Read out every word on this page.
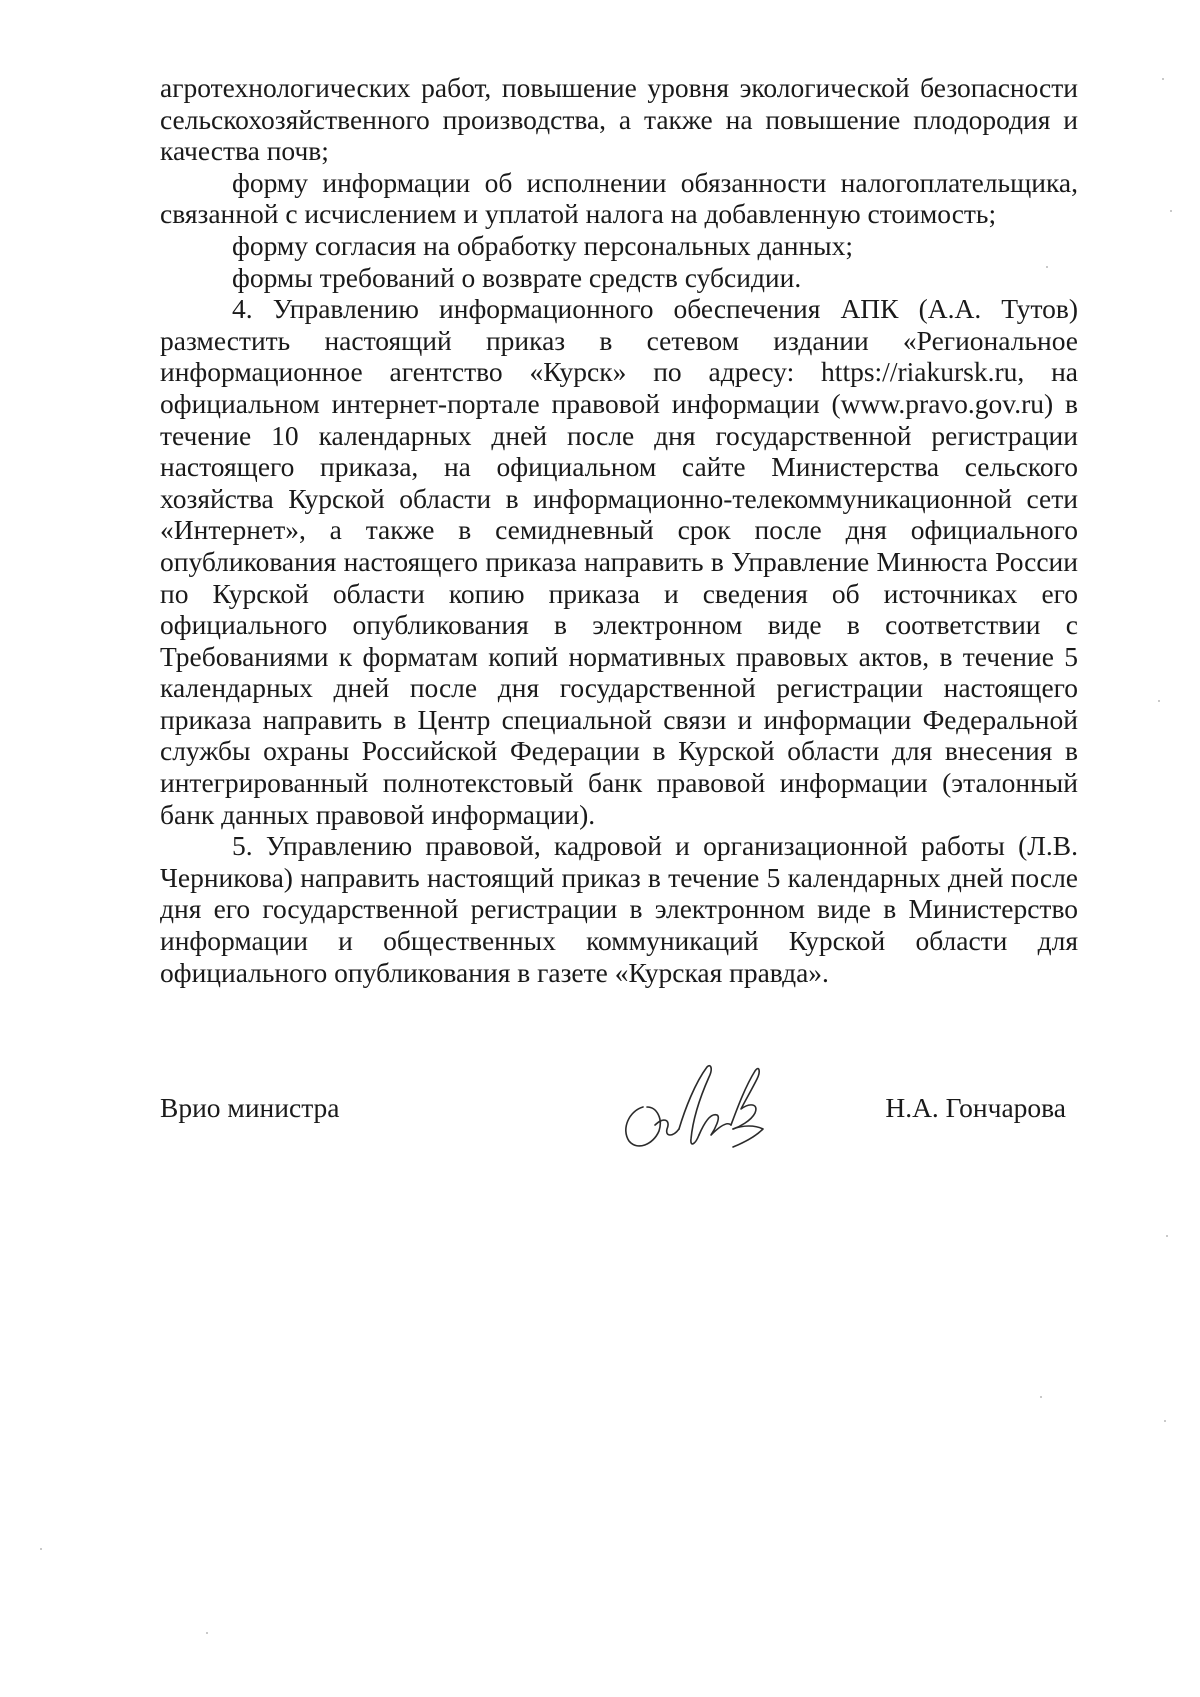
агротехнологических работ, повышение уровня экологической безопасности сельскохозяйственного производства, а также на повышение плодородия и качества почв;

форму информации об исполнении обязанности налогоплательщика, связанной с исчислением и уплатой налога на добавленную стоимость;

форму согласия на обработку персональных данных;

формы требований о возврате средств субсидии.

4. Управлению информационного обеспечения АПК (А.А. Тутов) разместить настоящий приказ в сетевом издании «Региональное информационное агентство «Курск» по адресу: https://riakursk.ru, на официальном интернет-портале правовой информации (www.pravo.gov.ru) в течение 10 календарных дней после дня государственной регистрации настоящего приказа, на официальном сайте Министерства сельского хозяйства Курской области в информационно-телекоммуникационной сети «Интернет», а также в семидневный срок после дня официального опубликования настоящего приказа направить в Управление Минюста России по Курской области копию приказа и сведения об источниках его официального опубликования в электронном виде в соответствии с Требованиями к форматам копий нормативных правовых актов, в течение 5 календарных дней после дня государственной регистрации настоящего приказа направить в Центр специальной связи и информации Федеральной службы охраны Российской Федерации в Курской области для внесения в интегрированный полнотекстовый банк правовой информации (эталонный банк данных правовой информации).

5. Управлению правовой, кадровой и организационной работы (Л.В. Черникова) направить настоящий приказ в течение 5 календарных дней после дня его государственной регистрации в электронном виде в Министерство информации и общественных коммуникаций Курской области для официального опубликования в газете «Курская правда».

Врио министра	Н.А. Гончарова
